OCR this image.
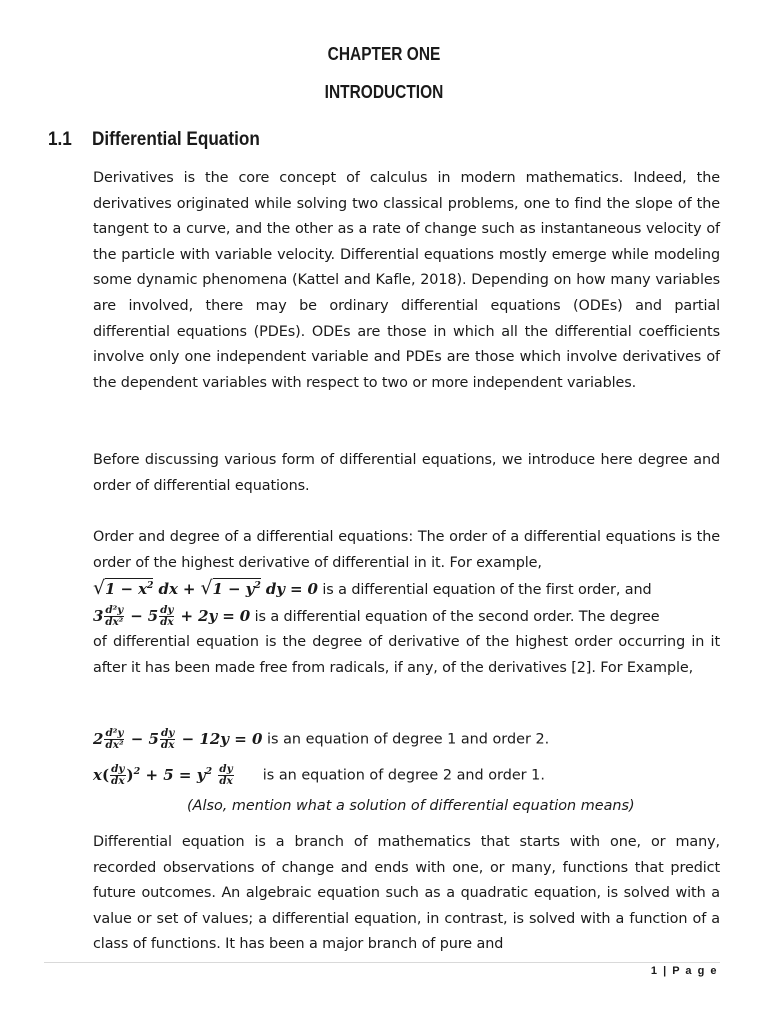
CHAPTER ONE
INTRODUCTION
1.1 Differential Equation
Derivatives is the core concept of calculus in modern mathematics. Indeed, the derivatives originated while solving two classical problems, one to find the slope of the tangent to a curve, and the other as a rate of change such as instantaneous velocity of the particle with variable velocity. Differential equations mostly emerge while modeling some dynamic phenomena (Kattel and Kafle, 2018). Depending on how many variables are involved, there may be ordinary differential equations (ODEs) and partial differential equations (PDEs). ODEs are those in which all the differential coefficients involve only one independent variable and PDEs are those which involve derivatives of the dependent variables with respect to two or more independent variables.
Before discussing various form of differential equations, we introduce here degree and order of differential equations.
Order and degree of a differential equations: The order of a differential equations is the order of the highest derivative of differential in it. For example,
$√1 - x^2$ dx + $√1 - y^2$ dy = 0 is a differential equation of the first order, and
$3 \frac{\text{d²y}}{\text{dx²}} - 5 \frac{dy}{dx} + 2y = 0$ is a differential equation of the second order. The degree
of differential equation is the degree of derivative of the highest order occurring in it after it has been made free from radicals, if any, of the derivatives [2]. For Example,
$2 \frac{\text{d²y}}{\text{dx²}} - 5 \frac{dy}{dx} - 12y = 0$ is an equation of degree 1 and order 2.
$x( \frac{dy}{dx} )^2 + 5 = y^2 \frac{dy}{dx}$ is an equation of degree 2 and order 1.
(Also, mention what a solution of differential equation means)
Differential equation is a branch of mathematics that starts with one, or many, recorded observations of change and ends with one, or many, functions that predict future outcomes. An algebraic equation such as a quadratic equation, is solved with a value or set of values; a differential equation, in contrast, is solved with a function of a class of functions. It has been a major branch of pure and
1 | P a g e
